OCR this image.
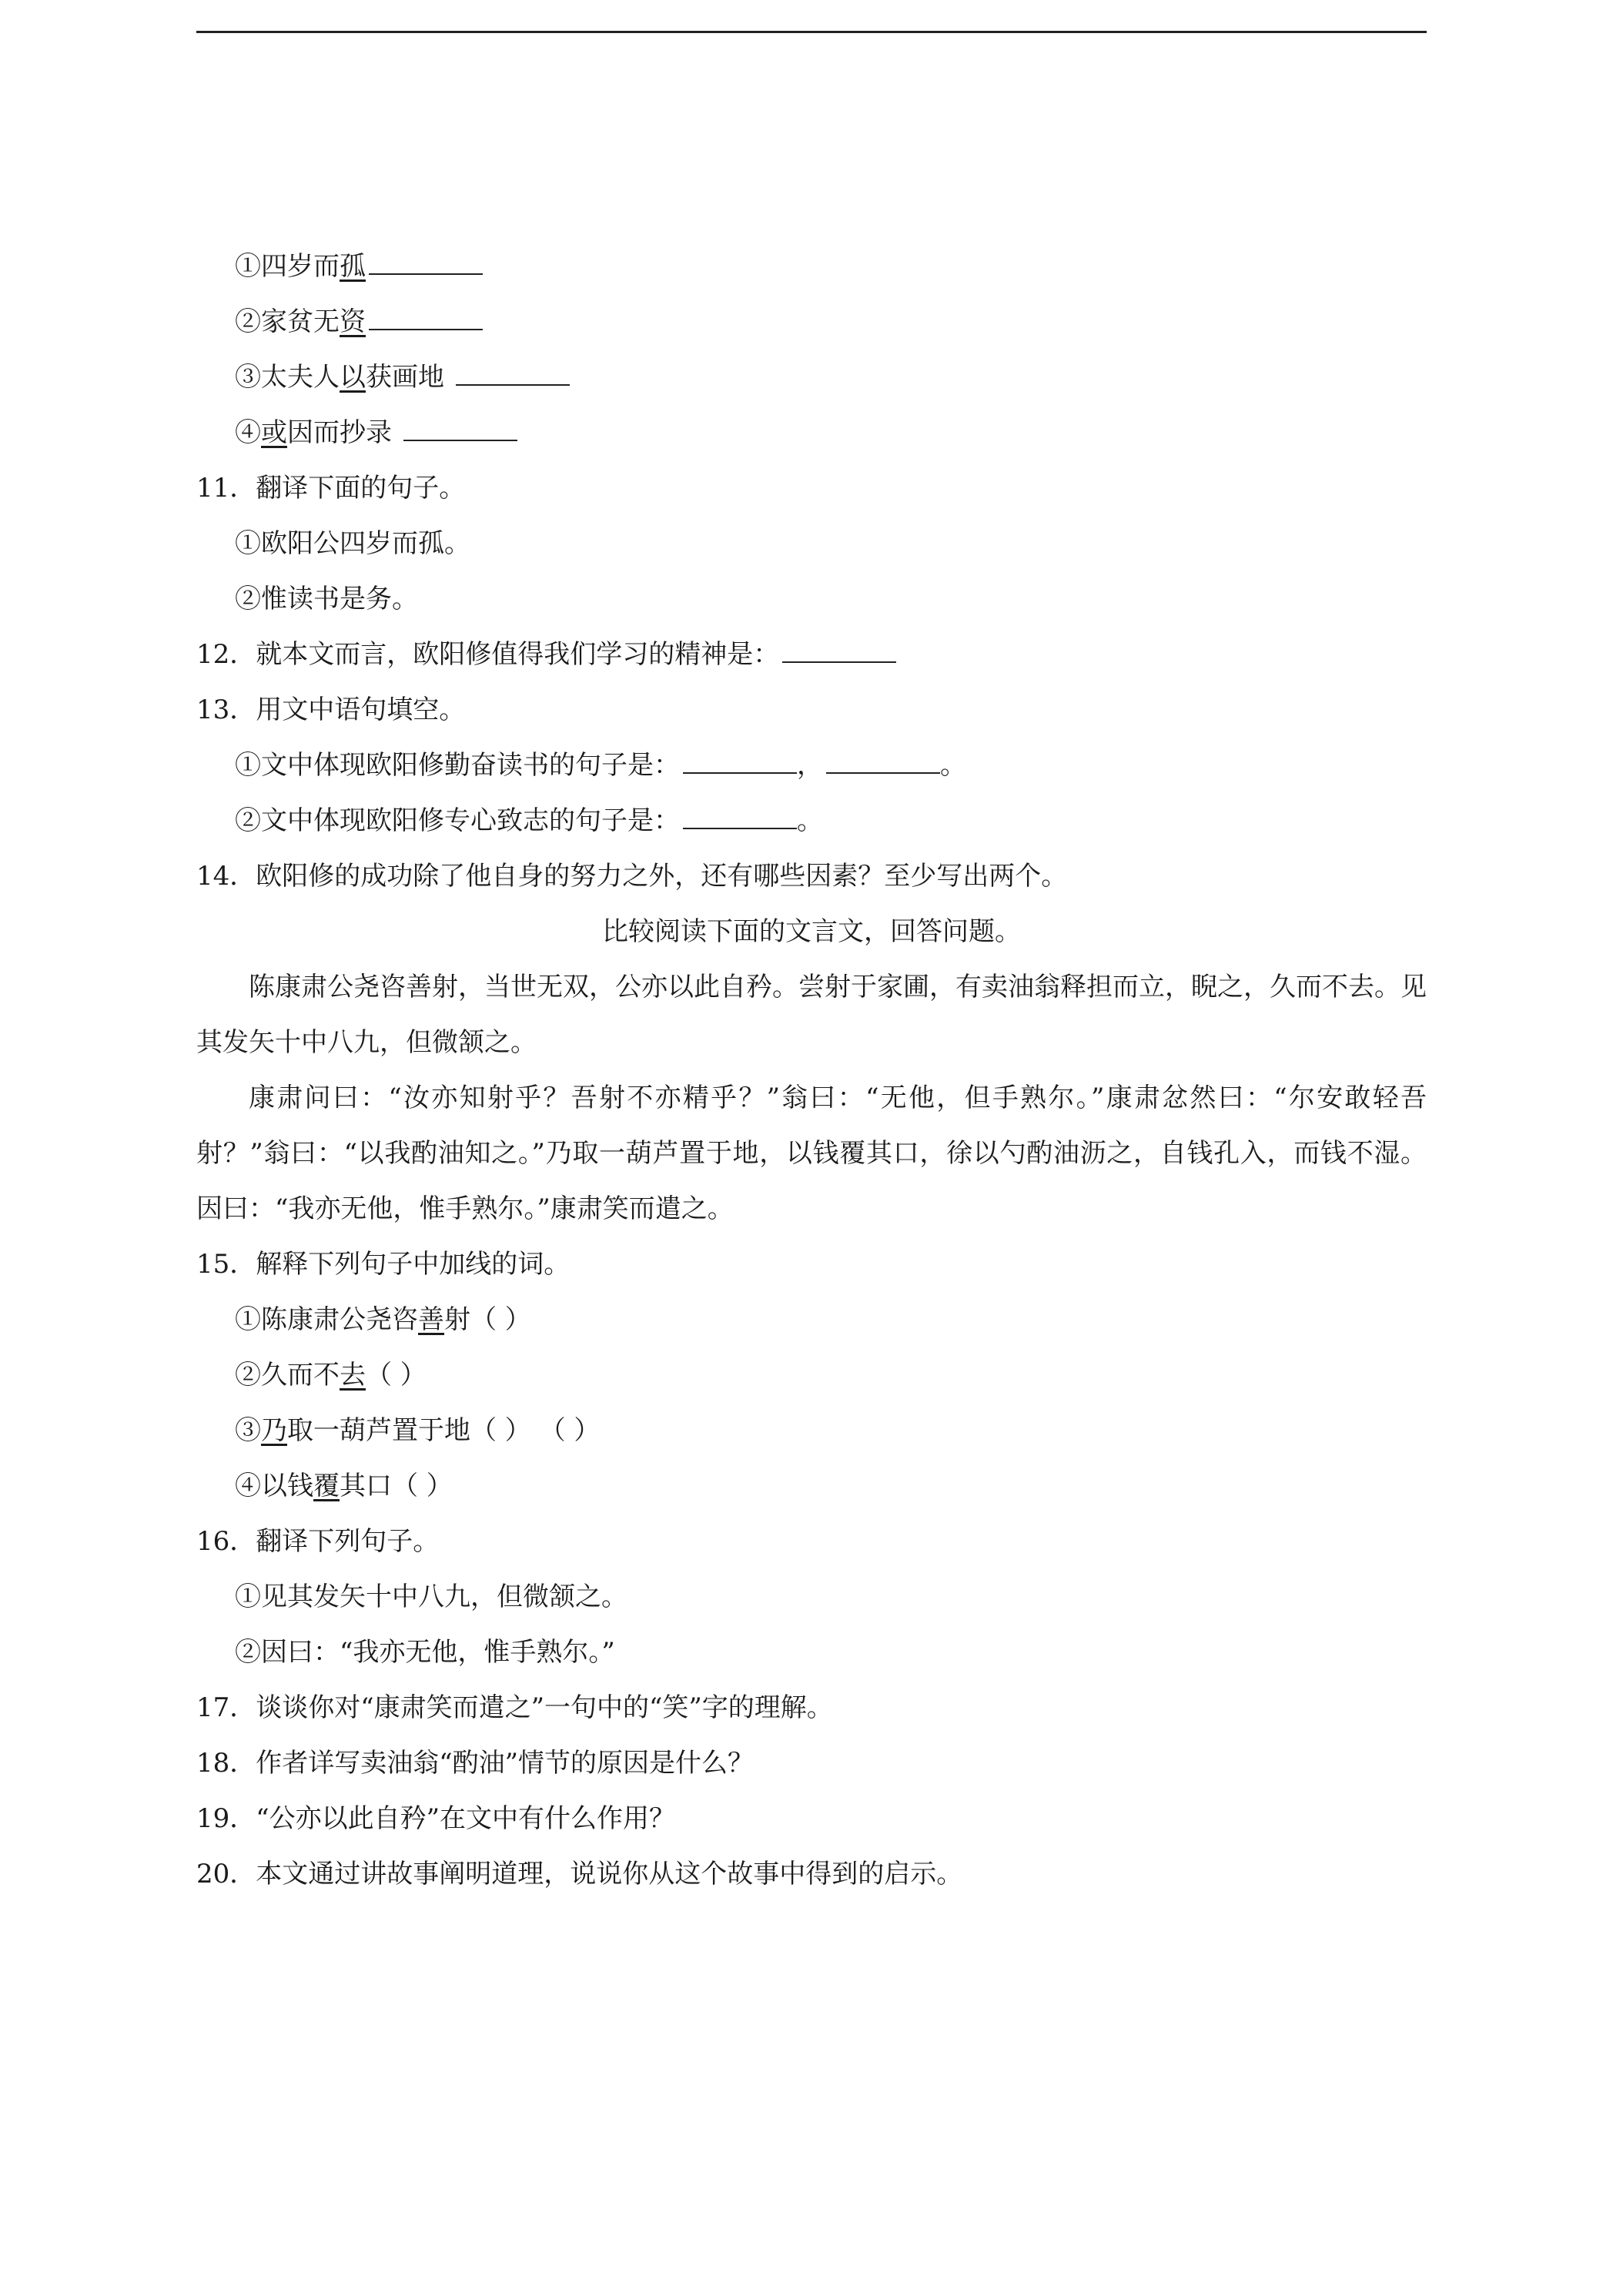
①四岁而孤
②家贫无资
③太夫人以获画地
④或因而抄录
11．翻译下面的句子。
①欧阳公四岁而孤。
②惟读书是务。
12．就本文而言，欧阳修值得我们学习的精神是：
13．用文中语句填空。
①文中体现欧阳修勤奋读书的句子是：	，	。
②文中体现欧阳修专心致志的句子是：	。
14．欧阳修的成功除了他自身的努力之外，还有哪些因素？至少写出两个。
比较阅读下面的文言文，回答问题。
陈康肃公尧咨善射，当世无双，公亦以此自矜。尝射于家圃，有卖油翁释担而立，睨之，久而不去。见其发矢十中八九，但微颔之。
康肃问曰：“汝亦知射乎？吾射不亦精乎？”翁曰：“无他，但手熟尔。”康肃忿然曰：“尔安敢轻吾射？”翁曰：“以我酌油知之。”乃取一葫芦置于地，以钱覆其口，徐以勺酌油沥之，自钱孔入，而钱不湿。因曰：“我亦无他，惟手熟尔。”康肃笑而遣之。
15．解释下列句子中加线的词。
①陈康肃公尧咨善射（ ）
②久而不去（ ）
③乃取一葫芦置于地（ ） （ ）
④以钱覆其口（ ）
16．翻译下列句子。
①见其发矢十中八九，但微颔之。
②因曰：“我亦无他，惟手熟尔。”
17．谈谈你对“康肃笑而遣之”一句中的“笑”字的理解。
18．作者详写卖油翁“酌油”情节的原因是什么？
19．“公亦以此自矜”在文中有什么作用？
20．本文通过讲故事阐明道理，说说你从这个故事中得到的启示。
